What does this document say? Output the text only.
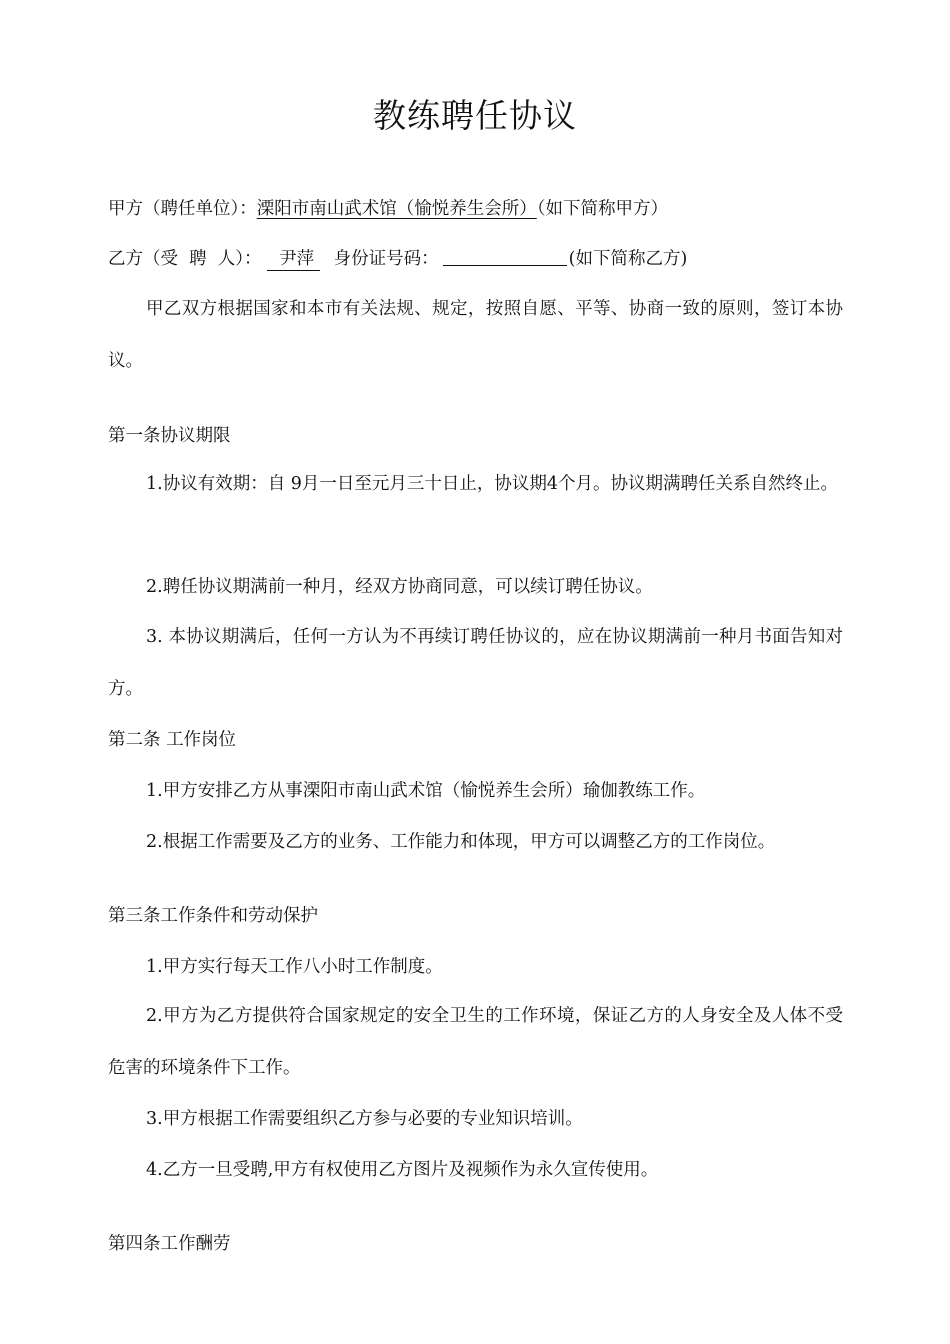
教练聘任协议
甲方（聘任单位）：溧阳市南山武术馆（愉悦养生会所）（如下简称甲方）
乙方（受  聘  人）： 尹萍 身份证号码：	(如下简称乙方)
甲乙双方根据国家和本市有关法规、规定，按照自愿、平等、协商一致的原则，签订本协议。
第一条协议期限
1.协议有效期：自 9月一日至元月三十日止，协议期4个月。协议期满聘任关系自然终止。
2.聘任协议期满前一种月，经双方协商同意，可以续订聘任协议。
3. 本协议期满后，任何一方认为不再续订聘任协议的，应在协议期满前一种月书面告知对方。
第二条 工作岗位
1.甲方安排乙方从事溧阳市南山武术馆（愉悦养生会所）瑜伽教练工作。
2.根据工作需要及乙方的业务、工作能力和体现，甲方可以调整乙方的工作岗位。
第三条工作条件和劳动保护
1.甲方实行每天工作八小时工作制度。
2.甲方为乙方提供符合国家规定的安全卫生的工作环境，保证乙方的人身安全及人体不受危害的环境条件下工作。
3.甲方根据工作需要组织乙方参与必要的专业知识培训。
4.乙方一旦受聘,甲方有权使用乙方图片及视频作为永久宣传使用。
第四条工作酬劳
